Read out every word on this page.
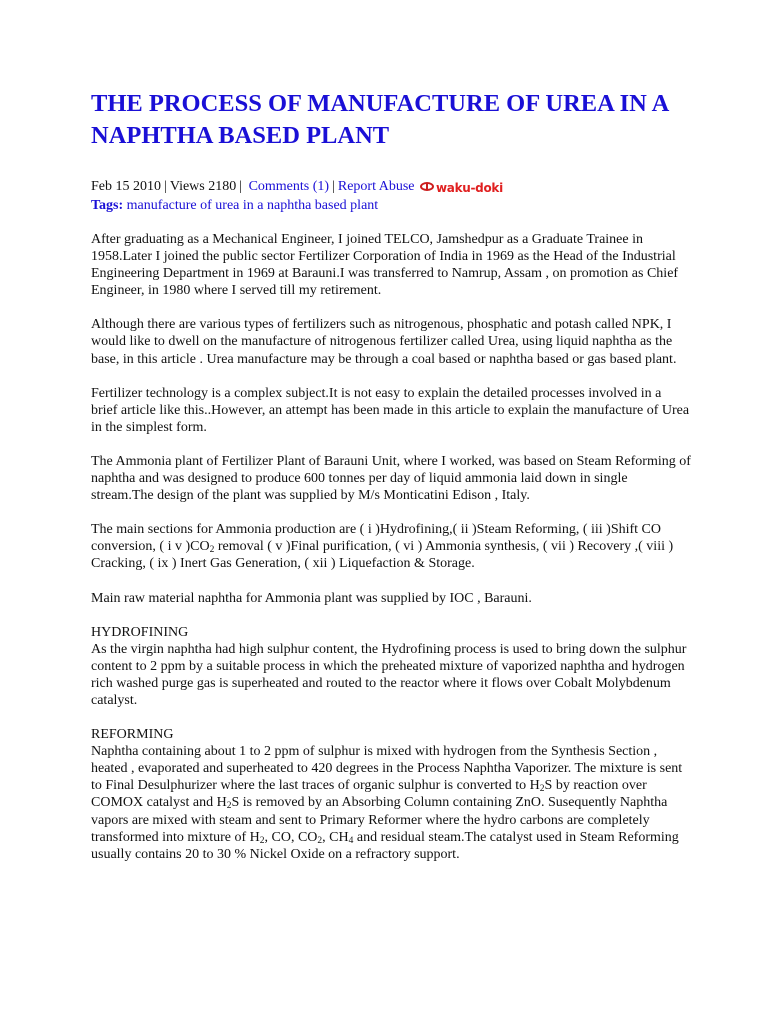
THE PROCESS OF MANUFACTURE OF UREA IN A NAPHTHA BASED PLANT
Feb 15 2010 | Views 2180 | Comments (1) | Report Abuse waku-doki
Tags: manufacture of urea in a naphtha based plant

After graduating as a Mechanical Engineer, I joined TELCO, Jamshedpur as a Graduate Trainee in 1958.Later I joined the public sector Fertilizer Corporation of India in 1969 as the Head of the Industrial Engineering Department in 1969 at Barauni.I was transferred to Namrup, Assam , on promotion as Chief Engineer, in 1980 where I served till my retirement.

Although there are various types of fertilizers such as nitrogenous, phosphatic and potash called NPK, I would like to dwell on the manufacture of nitrogenous fertilizer called Urea, using liquid naphtha as the base, in this article . Urea manufacture may be through a coal based or naphtha based or gas based plant.

Fertilizer technology is a complex subject.It is not easy to explain the detailed processes involved in a brief article like this..However, an attempt has been made in this article to explain the manufacture of Urea in the simplest form.

The Ammonia plant of Fertilizer Plant of Barauni Unit, where I worked, was based on Steam Reforming of naphtha and was designed to produce 600 tonnes per day of liquid ammonia laid down in single stream.The design of the plant was supplied by M/s Monticatini Edison , Italy.

The main sections for Ammonia production are ( i )Hydrofining,( ii )Steam Reforming, ( iii )Shift CO conversion, ( i v )$CO_2$ removal ( v )Final purification, ( vi ) Ammonia synthesis, ( vii ) Recovery ,( viii ) Cracking, ( ix ) Inert Gas Generation, ( xii ) Liquefaction & Storage.

Main raw material naphtha for Ammonia plant was supplied by IOC , Barauni.

HYDROFINING

As the virgin naphtha had high sulphur content, the Hydrofining process is used to bring down the sulphur content to 2 ppm by a suitable process in which the preheated mixture of vaporized naphtha and hydrogen rich washed purge gas is superheated and routed to the reactor where it flows over Cobalt Molybdenum catalyst.

REFORMING

Naphtha containing about 1 to 2 ppm of sulphur is mixed with hydrogen from the Synthesis Section , heated , evaporated and superheated to 420 degrees in the Process Naphtha Vaporizer. The mixture is sent to Final Desulphurizer where the last traces of organic sulphur is converted to $H_2S$ by reaction over COMOX catalyst and $H_2S$ is removed by an Absorbing Column containing ZnO. Susequently Naphtha vapors are mixed with steam and sent to Primary Reformer where the hydro carbons are completely transformed into mixture of $H_2$, CO, $CO_2$, $CH_4$ and residual steam.The catalyst used in Steam Reforming usually contains 20 to 30 % Nickel Oxide on a refractory support.
